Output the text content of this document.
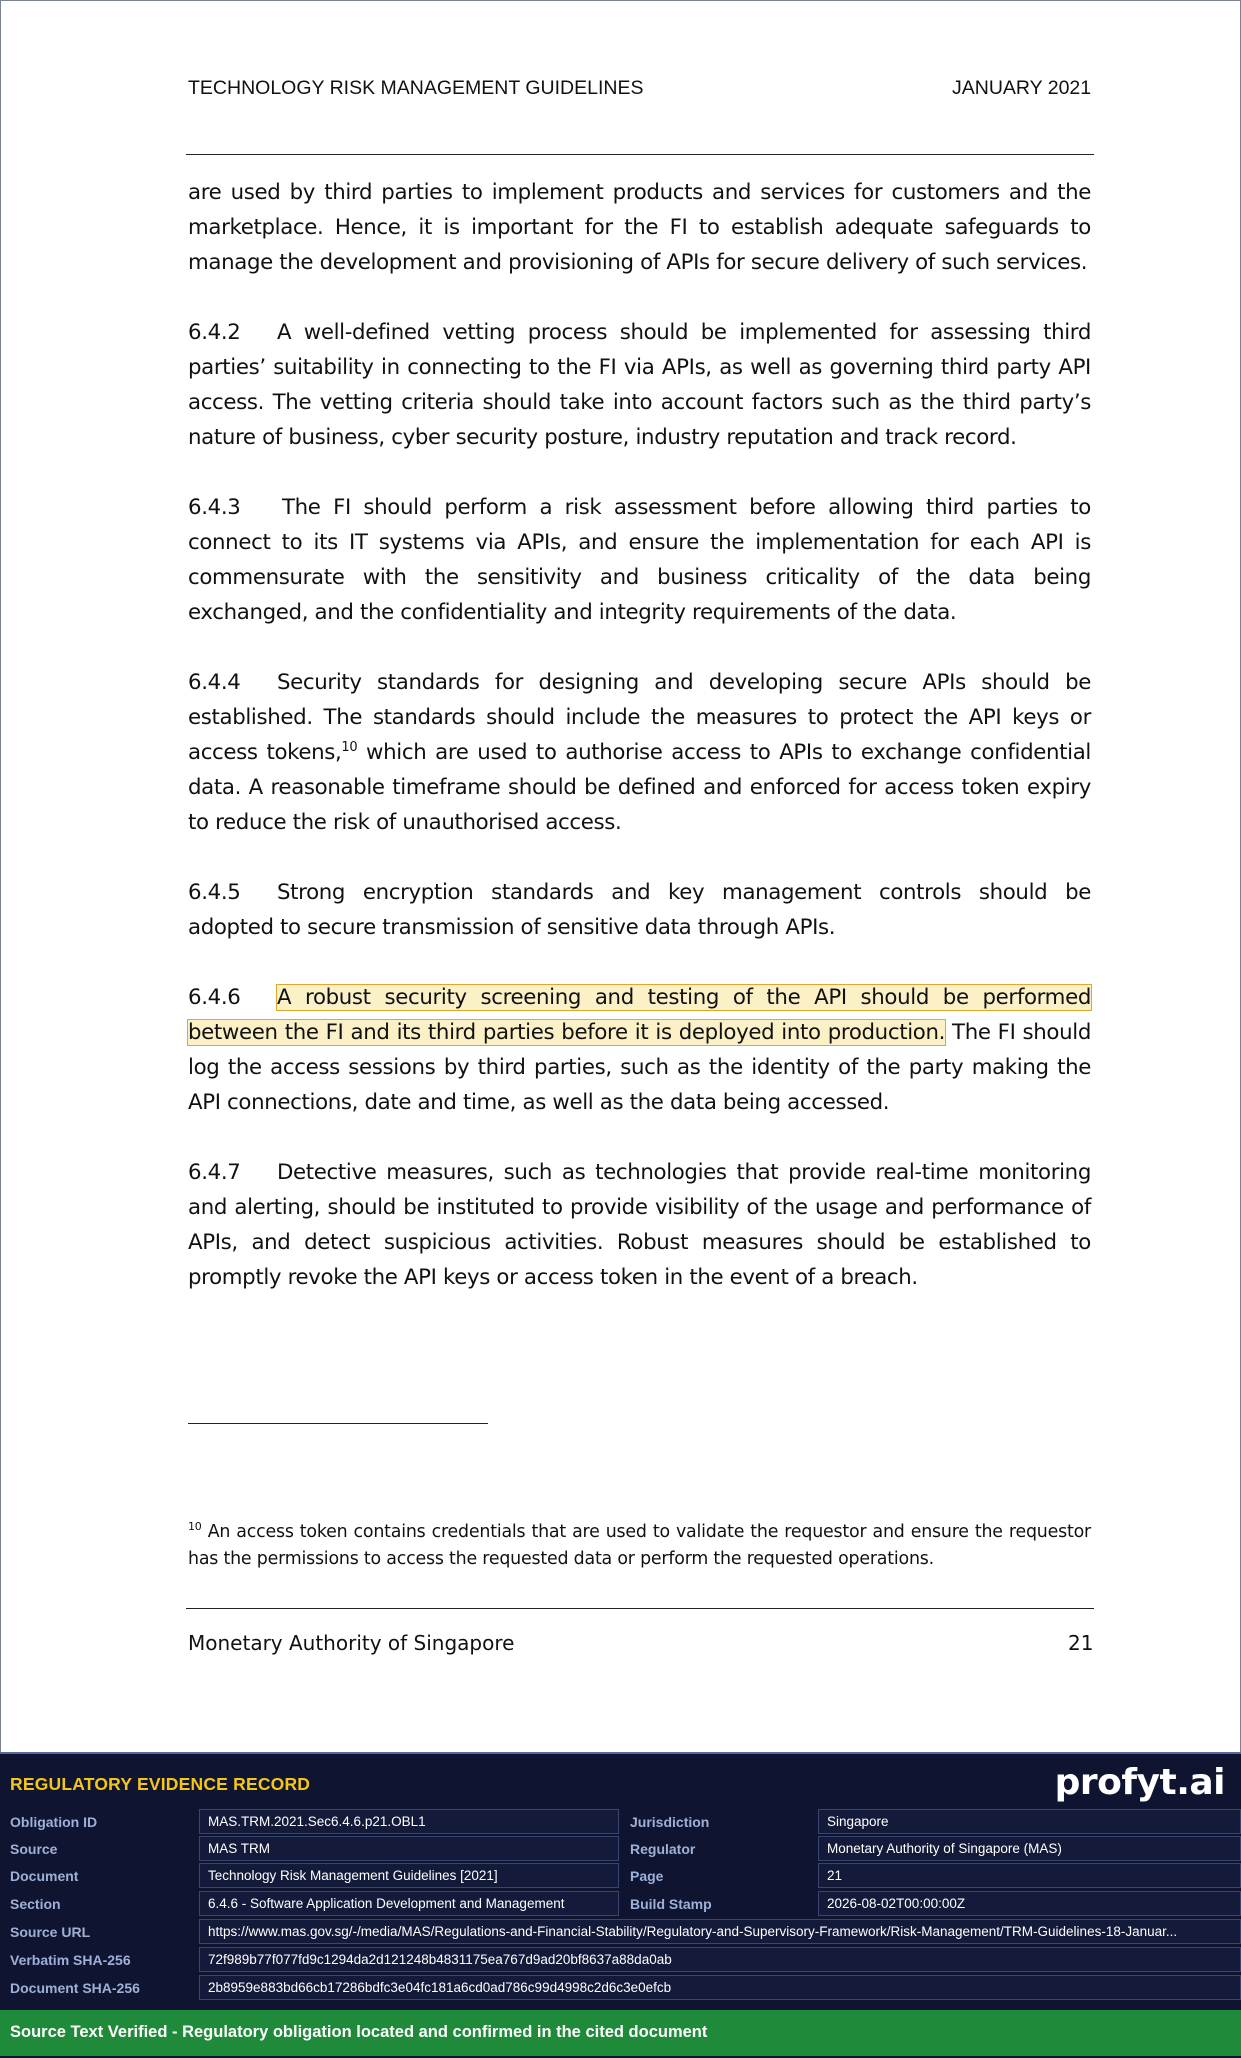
TECHNOLOGY RISK MANAGEMENT GUIDELINES	JANUARY 2021

are used by third parties to implement products and services for customers and the marketplace. Hence, it is important for the FI to establish adequate safeguards to manage the development and provisioning of APIs for secure delivery of such services.

6.4.2 A well-defined vetting process should be implemented for assessing third parties’ suitability in connecting to the FI via APIs, as well as governing third party API access. The vetting criteria should take into account factors such as the third party’s nature of business, cyber security posture, industry reputation and track record.

6.4.3 The FI should perform a risk assessment before allowing third parties to connect to its IT systems via APIs, and ensure the implementation for each API is commensurate with the sensitivity and business criticality of the data being exchanged, and the confidentiality and integrity requirements of the data.

6.4.4 Security standards for designing and developing secure APIs should be established. The standards should include the measures to protect the API keys or access tokens,$^{10}$ which are used to authorise access to APIs to exchange confidential data. A reasonable timeframe should be defined and enforced for access token expiry to reduce the risk of unauthorised access.

6.4.5 Strong encryption standards and key management controls should be adopted to secure transmission of sensitive data through APIs.

6.4.6 A robust security screening and testing of the API should be performed between the FI and its third parties before it is deployed into production. The FI should log the access sessions by third parties, such as the identity of the party making the API connections, date and time, as well as the data being accessed.

6.4.7 Detective measures, such as technologies that provide real-time monitoring and alerting, should be instituted to provide visibility of the usage and performance of APIs, and detect suspicious activities. Robust measures should be established to promptly revoke the API keys or access token in the event of a breach.

$^{10}$ An access token contains credentials that are used to validate the requestor and ensure the requestor has the permissions to access the requested data or perform the requested operations.
Monetary Authority of Singapore	21
REGULATORY EVIDENCE RECORD	profyt.ai
Obligation ID	MAS.TRM.2021.Sec6.4.6.p21.OBL1	Jurisdiction	Singapore
Source	MAS TRM	Regulator	Monetary Authority of Singapore (MAS)
Document	Technology Risk Management Guidelines [2021]	Page	21
Section	6.4.6 - Software Application Development and Management	Build Stamp	2026-08-02T00:00:00Z
Source URL	https://www.mas.gov.sg/-/media/MAS/Regulations-and-Financial-Stability/Regulatory-and-Supervisory-Framework/Risk-Management/TRM-Guidelines-18-Januar...
Verbatim SHA-256	72f989b77f077fd9c1294da2d121248b4831175ea767d9ad20bf8637a88da0ab
Document SHA-256	2b8959e883bd66cb17286bdfc3e04fc181a6cd0ad786c99d4998c2d6c3e0efcb
Source Text Verified - Regulatory obligation located and confirmed in the cited document
